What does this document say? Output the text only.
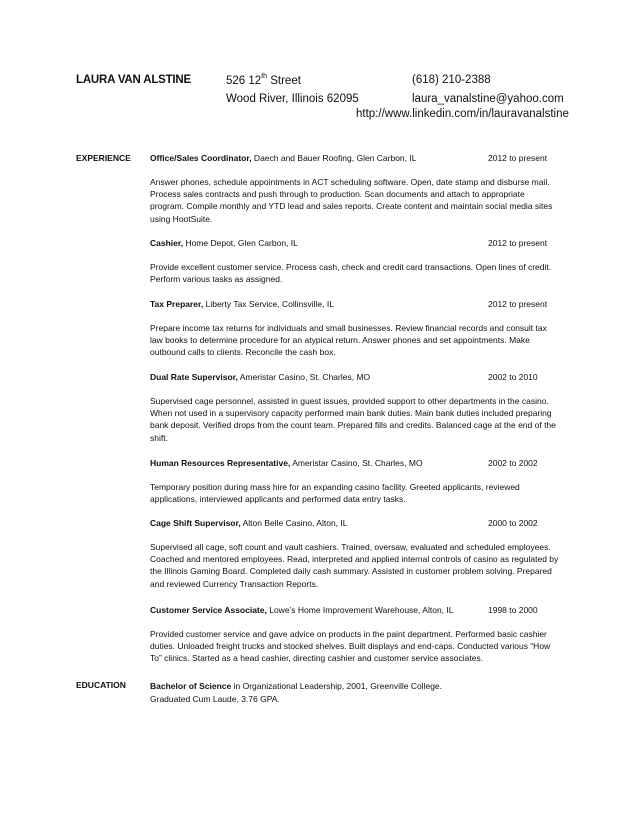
LAURA VAN ALSTINE	526 12th Street
Wood River, Illinois 62095
(618) 210-2388
laura_vanalstine@yahoo.com
http://www.linkedin.com/in/lauravanalstine
EXPERIENCE
EDUCATION
Office/Sales Coordinator, Daech and Bauer Roofing, Glen Carbon, IL	2012 to present
Answer phones, schedule appointments in ACT scheduling software. Open, date stamp and disburse mail. Process sales contracts and push through to production. Scan documents and attach to appropriate program. Compile monthly and YTD lead and sales reports. Create content and maintain social media sites using HootSuite.
Cashier, Home Depot, Glen Carbon, IL	2012 to present
Provide excellent customer service. Process cash, check and credit card transactions. Open lines of credit. Perform various tasks as assigned.
Tax Preparer, Liberty Tax Service, Collinsville, IL	2012 to present
Prepare income tax returns for individuals and small businesses. Review financial records and consult tax law books to determine procedure for an atypical return. Answer phones and set appointments. Make outbound calls to clients. Reconcile the cash box.
Dual Rate Supervisor, Ameristar Casino, St. Charles, MO	2002 to 2010
Supervised cage personnel, assisted in guest issues, provided support to other departments in the casino. When not used in a supervisory capacity performed main bank duties. Main bank duties included preparing bank deposit. Verified drops from the count team. Prepared fills and credits. Balanced cage at the end of the shift.
Human Resources Representative, Ameristar Casino, St. Charles, MO	2002 to 2002
Temporary position during mass hire for an expanding casino facility. Greeted applicants, reviewed applications, interviewed applicants and performed data entry tasks.
Cage Shift Supervisor, Alton Belle Casino, Alton, IL	2000 to 2002
Supervised all cage, soft count and vault cashiers. Trained, oversaw, evaluated and scheduled employees. Coached and mentored employees. Read, interpreted and applied internal controls of casino as regulated by the Illinois Gaming Board. Completed daily cash summary. Assisted in customer problem solving. Prepared and reviewed Currency Transaction Reports.
Customer Service Associate, Lowe’s Home Improvement Warehouse, Alton, IL	1998 to 2000
Provided customer service and gave advice on products in the paint department. Performed basic cashier duties. Unloaded freight trucks and stocked shelves. Built displays and end-caps. Conducted various “How To” clinics. Started as a head cashier, directing cashier and customer service associates.
Bachelor of Science in Organizational Leadership, 2001, Greenville College.
Graduated Cum Laude, 3.76 GPA.
